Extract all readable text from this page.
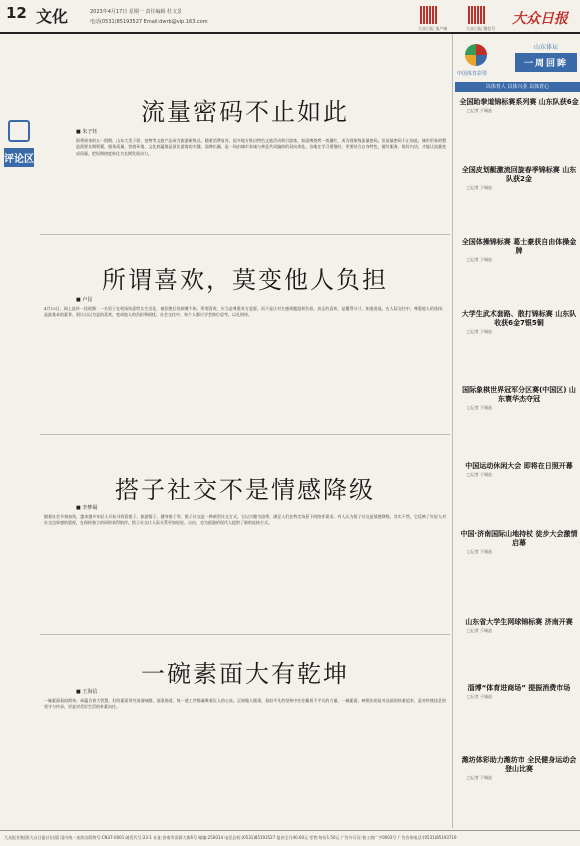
12 文化	2023年4月17日 星期一 责任编辑 杜文景
电话(0531)85193527 Email:dwrb@vip.163.com
大众日报 客户端	大众日报 微信号
大众日报
评论区
流量密码不止如此
■ 朱子钰
即将到来的五一假期，山东大美子骄、宠物等文旅产品成为旅游新热点。随着消费复苏，很多地方推出特色文旅活动吸引游客，如淄博烧烤一夜爆红，成为现象级流量密码。但流量密码不止如此，城市形象的塑造需要长期积累，服务质量、营商环境、文化底蕴都是留住游客的关键。淄博出圈，是一场由城市真诚与善意共同编织的双向奔赴。各地在学习借鉴时，更要结合自身特色，做好服务，练好内功，才能让流量变成留量，把短期热度转化为长期发展动力。
所谓喜欢，莫变他人负担
■ 卢昆
4月13日，网上流传一段视频：一名男子在机场执意给女生送花，被拒绝后仍纠缠不休。所谓喜欢，应当是尊重对方意愿，而不是让对方感到尴尬和负担。真正的喜欢，是懂得分寸，知道进退。在人际交往中，尊重他人的选择，是最基本的素养。别让自以为是的喜欢，变成他人的负担和困扰。社会交往中，每个人都应学会换位思考，以礼相待。
搭子社交不是情感降级
■ 李梦凝
随着社会节奏加快，越来越多年轻人开始寻找饭搭子、旅游搭子、健身搭子等。搭子社交是一种新型社交方式，它以兴趣为纽带，满足人们在特定场景下的陪伴需求。有人认为搭子社交是情感降级，其实不然。它反映了年轻人对社交边界感的重视，在保持独立的同时获得陪伴。搭子社交让人际关系更加轻松、自由，也为孤独的现代人提供了新的连接方式。
一碗素面大有乾坤
■ 王海信
一碗素面看似简单，却蕴含着大智慧。好的素面讲究汤清味醇、面条筋道，每一道工序都凝聚着匠人的心血。正如做人做事，看似平凡的坚持中往往藏着不平凡的力量。一碗素面，映照出的是对品质的执着追求，是对传统技艺的坚守与传承，更是对美好生活的朴素向往。
中国体育彩票
山东体坛
一周回眸
以体育人 以体兴业 以体育心
全国跆拳道锦标赛系列赛 山东队获6金
□记者 于城池
全国皮划艇激流回旋春季锦标赛 山东队获2金
□记者 于城池
全国体操锦标赛 葛士豪获自由体操金牌
□记者 于城池
大学生武术套路、散打锦标赛 山东队收获6金7银5铜
□记者 于城池
国际象棋世界冠军分区赛(中国区) 山东寰华杰夺冠
□记者 于城池
中国运动休闲大会 即将在日照开幕
□记者 于城池
中国·济南国际山地持杖 徒步大会激情启幕
□记者 于城池
山东省大学生网球锦标赛 济南开赛
□记者 于城池
淄博“体育进商场” 提振消费市场
□记者 于城池
潍坊体彩助力潍坊市 全民健身运动会登山比赛
□记者 于城池
大众报业集团(大众日报社)出版 国内统一连续出版物号:CN37-0001 邮发代号:23-1 社址:济南市泺源大街6号 邮编:250014 电话总机:(0531)85193527 报价全月40.00元 零售:每份1.50元 广告许可证:鲁工商广字0003号 广告咨询电话:(0531)85193719
